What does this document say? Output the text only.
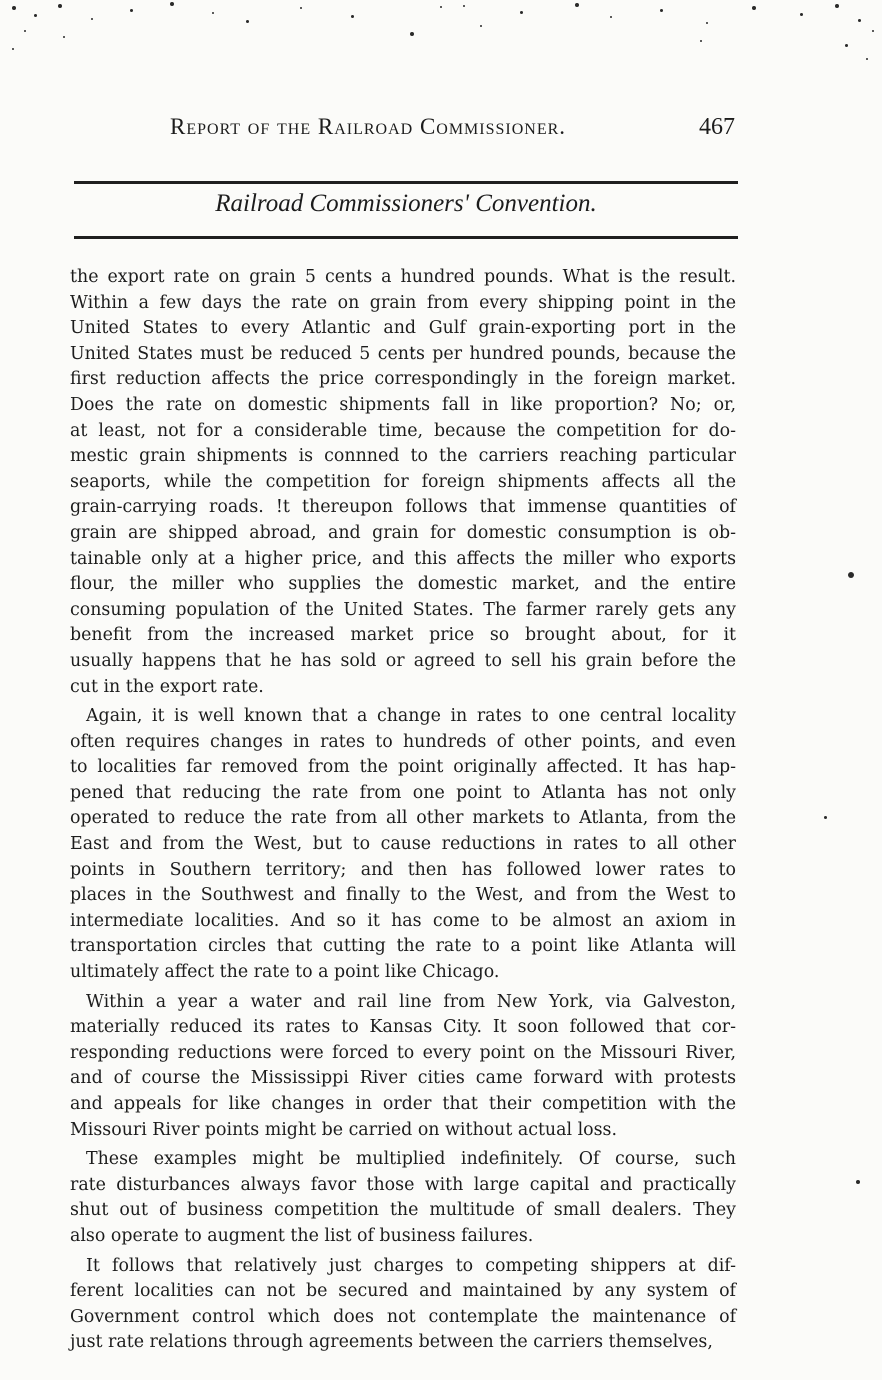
Report of the Railroad Commissioner.	467
Railroad Commissioners' Convention.
the export rate on grain 5 cents a hundred pounds. What is the result.
Within a few days the rate on grain from every shipping point in the
United States to every Atlantic and Gulf grain-exporting port in the
United States must be reduced 5 cents per hundred pounds, because the
first reduction affects the price correspondingly in the foreign market.
Does the rate on domestic shipments fall in like proportion? No; or,
at least, not for a considerable time, because the competition for do-
mestic grain shipments is connned to the carriers reaching particular
seaports, while the competition for foreign shipments affects all the
grain-carrying roads. !t thereupon follows that immense quantities of
grain are shipped abroad, and grain for domestic consumption is ob-
tainable only at a higher price, and this affects the miller who exports
flour, the miller who supplies the domestic market, and the entire
consuming population of the United States. The farmer rarely gets any
benefit from the increased market price so brought about, for it
usually happens that he has sold or agreed to sell his grain before the
cut in the export rate.
Again, it is well known that a change in rates to one central locality
often requires changes in rates to hundreds of other points, and even
to localities far removed from the point originally affected. It has hap-
pened that reducing the rate from one point to Atlanta has not only
operated to reduce the rate from all other markets to Atlanta, from the
East and from the West, but to cause reductions in rates to all other
points in Southern territory; and then has followed lower rates to
places in the Southwest and finally to the West, and from the West to
intermediate localities. And so it has come to be almost an axiom in
transportation circles that cutting the rate to a point like Atlanta will
ultimately affect the rate to a point like Chicago.
Within a year a water and rail line from New York, via Galveston,
materially reduced its rates to Kansas City. It soon followed that cor-
responding reductions were forced to every point on the Missouri River,
and of course the Mississippi River cities came forward with protests
and appeals for like changes in order that their competition with the
Missouri River points might be carried on without actual loss.
These examples might be multiplied indefinitely. Of course, such
rate disturbances always favor those with large capital and practically
shut out of business competition the multitude of small dealers. They
also operate to augment the list of business failures.
It follows that relatively just charges to competing shippers at dif-
ferent localities can not be secured and maintained by any system of
Government control which does not contemplate the maintenance of
just rate relations through agreements between the carriers themselves,
